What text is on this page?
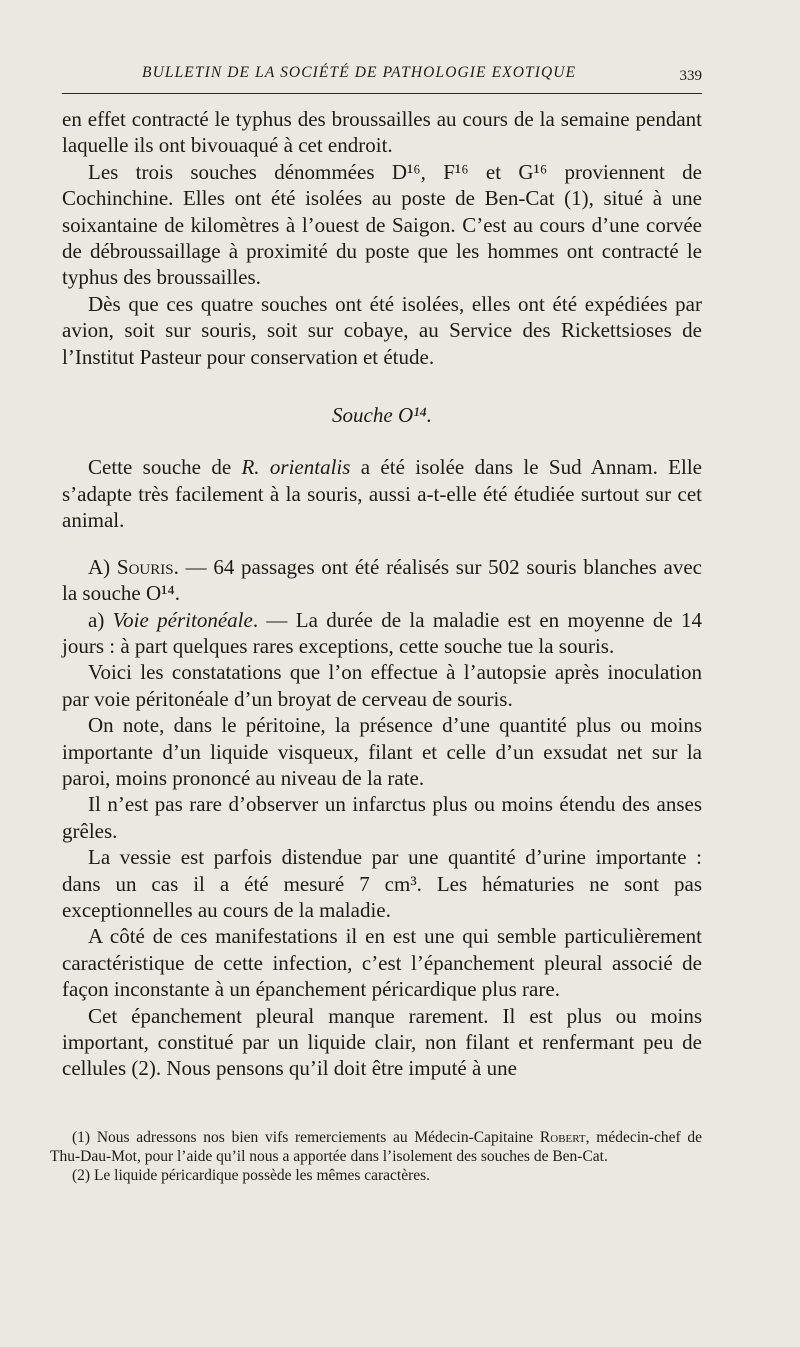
BULLETIN DE LA SOCIÉTÉ DE PATHOLOGIE EXOTIQUE	339

en effet contracté le typhus des broussailles au cours de la semaine pendant laquelle ils ont bivouaqué à cet endroit.

Les trois souches dénommées D¹⁶, F¹⁶ et G¹⁶ proviennent de Cochinchine. Elles ont été isolées au poste de Ben-Cat (1), situé à une soixantaine de kilomètres à l’ouest de Saigon. C’est au cours d’une corvée de débroussaillage à proximité du poste que les hommes ont contracté le typhus des broussailles.

Dès que ces quatre souches ont été isolées, elles ont été expédiées par avion, soit sur souris, soit sur cobaye, au Service des Rickettsioses de l’Institut Pasteur pour conservation et étude.

Souche O¹⁴.

Cette souche de R. orientalis a été isolée dans le Sud Annam. Elle s’adapte très facilement à la souris, aussi a-t-elle été étudiée surtout sur cet animal.

A) Souris. — 64 passages ont été réalisés sur 502 souris blanches avec la souche O¹⁴.

a) Voie péritonéale. — La durée de la maladie est en moyenne de 14 jours : à part quelques rares exceptions, cette souche tue la souris.

Voici les constatations que l’on effectue à l’autopsie après inoculation par voie péritonéale d’un broyat de cerveau de souris.

On note, dans le péritoine, la présence d’une quantité plus ou moins importante d’un liquide visqueux, filant et celle d’un exsudat net sur la paroi, moins prononcé au niveau de la rate.

Il n’est pas rare d’observer un infarctus plus ou moins étendu des anses grêles.

La vessie est parfois distendue par une quantité d’urine importante : dans un cas il a été mesuré 7 cm³. Les hématuries ne sont pas exceptionnelles au cours de la maladie.

A côté de ces manifestations il en est une qui semble particulièrement caractéristique de cette infection, c’est l’épanchement pleural associé de façon inconstante à un épanchement péricardique plus rare.

Cet épanchement pleural manque rarement. Il est plus ou moins important, constitué par un liquide clair, non filant et renfermant peu de cellules (2). Nous pensons qu’il doit être imputé à une

(1) Nous adressons nos bien vifs remerciements au Médecin-Capitaine Robert, médecin-chef de Thu-Dau-Mot, pour l’aide qu’il nous a apportée dans l’isolement des souches de Ben-Cat.

(2) Le liquide péricardique possède les mêmes caractères.
